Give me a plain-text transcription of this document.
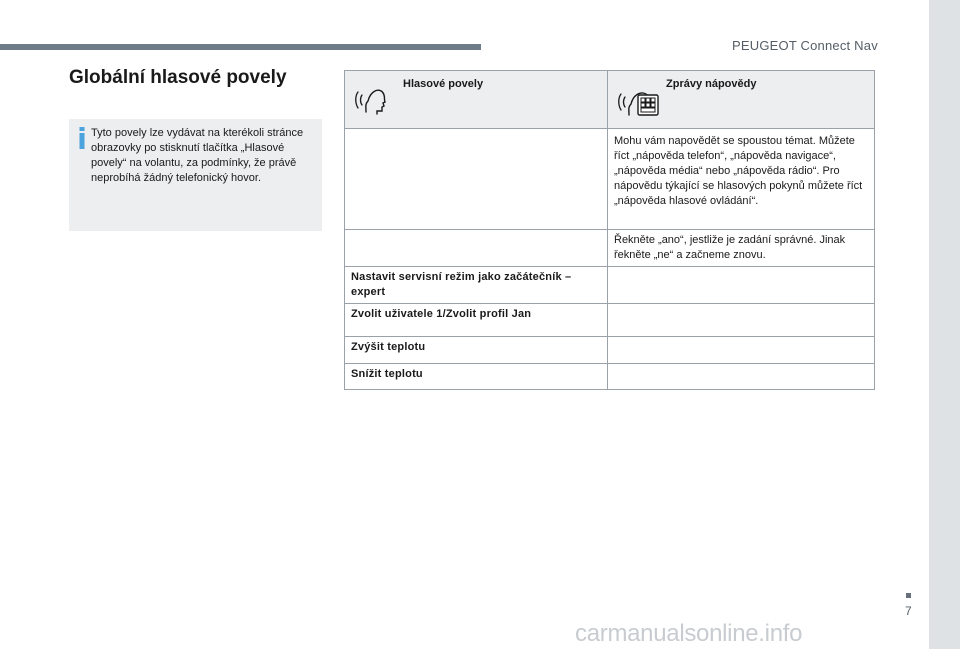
PEUGEOT Connect Nav
7
carmanualsonline.info
Globální hlasové povely

Tyto povely lze vydávat na kterékoli stránce obrazovky po stisknutí tlačítka „Hlasové povely“ na volantu, za podmínky, že právě neprobíhá žádný telefonický hovor.

Hlasové povely	Zprávy nápovědy

	Mohu vám napovědět se spoustou témat. Můžete říct „nápověda telefon“, „nápověda navigace“, „nápověda média“ nebo „nápověda rádio“. Pro nápovědu týkající se hlasových pokynů můžete říct „nápověda hlasové ovládání“.
	Řekněte „ano“, jestliže je zadání správné. Jinak řekněte „ne“ a začneme znovu.
Nastavit servisní režim jako začátečník – expert	
Zvolit uživatele 1/Zvolit profil Jan	
Zvýšit teplotu	
Snížit teplotu	
